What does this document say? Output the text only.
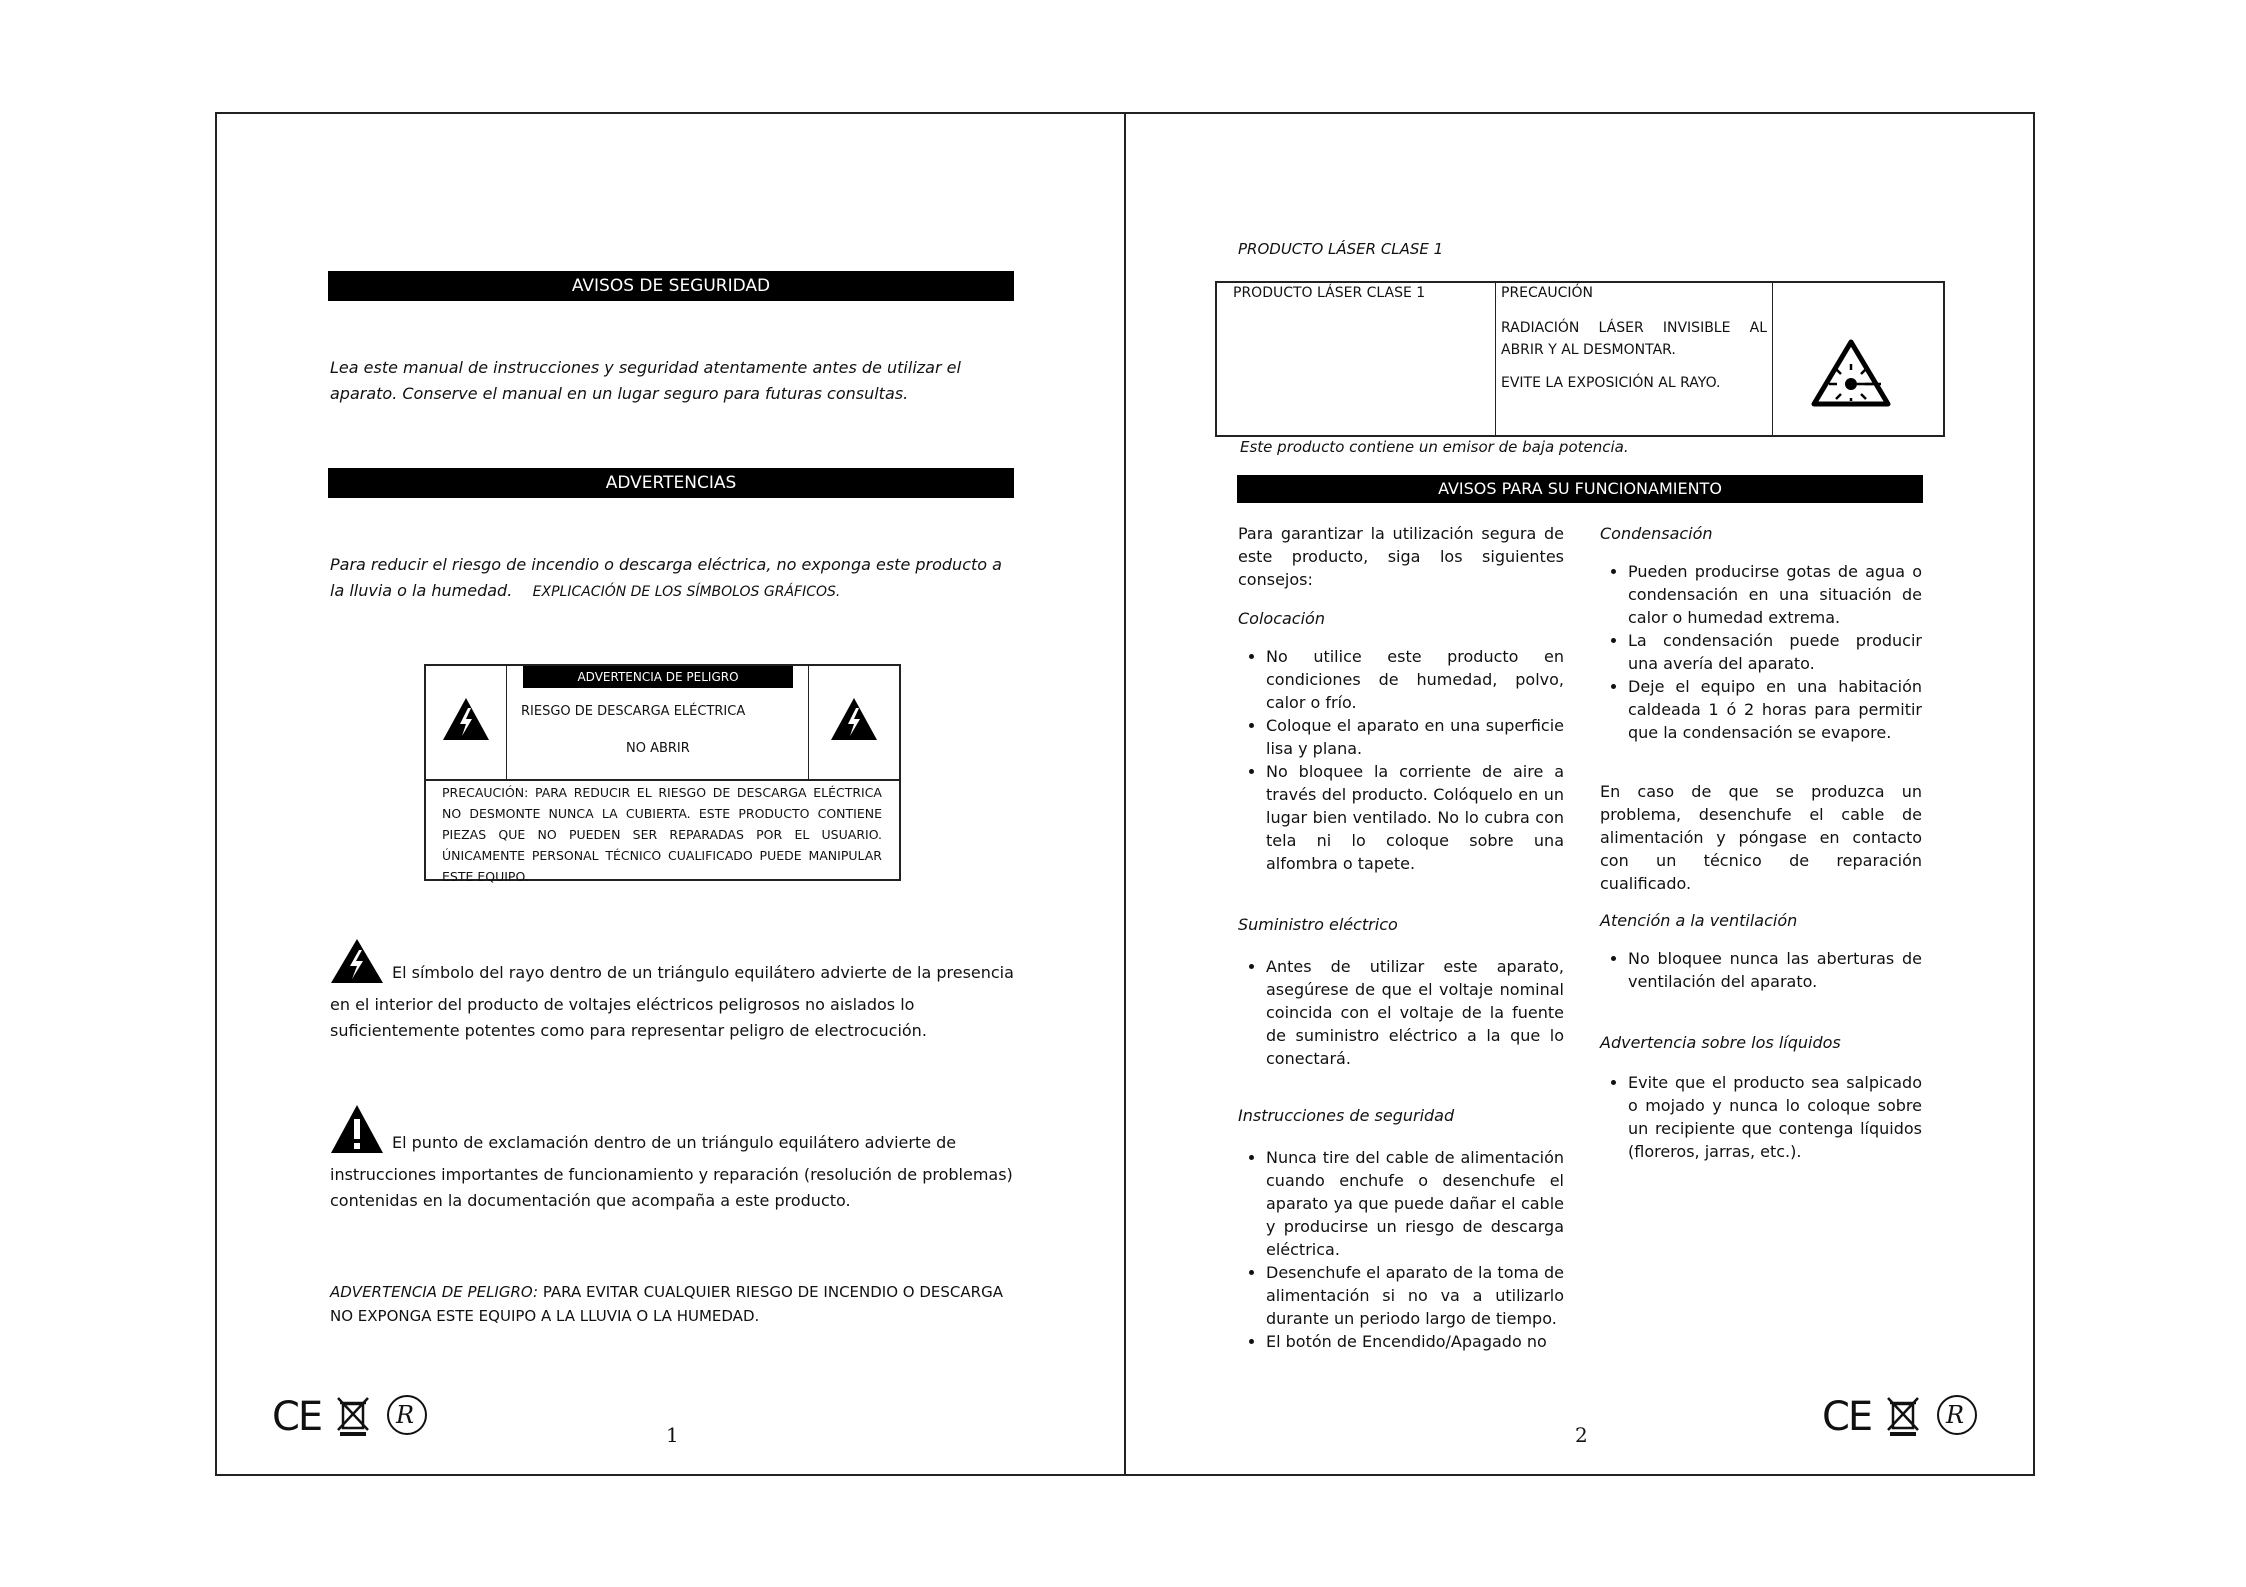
AVISOS DE SEGURIDAD
Lea este manual de instrucciones y seguridad atentamente antes de utilizar el aparato. Conserve el manual en un lugar seguro para futuras consultas.
ADVERTENCIAS
Para reducir el riesgo de incendio o descarga eléctrica, no exponga este producto a la lluvia o la humedad. EXPLICACIÓN DE LOS SÍMBOLOS GRÁFICOS.
ADVERTENCIA DE PELIGRO
RIESGO DE DESCARGA ELÉCTRICA
NO ABRIR
PRECAUCIÓN: PARA REDUCIR EL RIESGO DE DESCARGA ELÉCTRICA NO DESMONTE NUNCA LA CUBIERTA. ESTE PRODUCTO CONTIENE PIEZAS QUE NO PUEDEN SER REPARADAS POR EL USUARIO. ÚNICAMENTE PERSONAL TÉCNICO CUALIFICADO PUEDE MANIPULAR ESTE EQUIPO.
El símbolo del rayo dentro de un triángulo equilátero advierte de la presencia en el interior del producto de voltajes eléctricos peligrosos no aislados lo suficientemente potentes como para representar peligro de electrocución.
El punto de exclamación dentro de un triángulo equilátero advierte de instrucciones importantes de funcionamiento y reparación (resolución de problemas) contenidas en la documentación que acompaña a este producto.
ADVERTENCIA DE PELIGRO: PARA EVITAR CUALQUIER RIESGO DE INCENDIO O DESCARGA NO EXPONGA ESTE EQUIPO A LA LLUVIA O LA HUMEDAD.
CE	R
1
PRODUCTO LÁSER CLASE 1
PRODUCTO LÁSER CLASE 1	PRECAUCIÓN
RADIACIÓN LÁSER INVISIBLE AL ABRIR Y AL DESMONTAR.
EVITE LA EXPOSICIÓN AL RAYO.
Este producto contiene un emisor de baja potencia.
AVISOS PARA SU FUNCIONAMIENTO
Para garantizar la utilización segura de este producto, siga los siguientes consejos:
Colocación
• No utilice este producto en condiciones de humedad, polvo, calor o frío.
• Coloque el aparato en una superficie lisa y plana.
• No bloquee la corriente de aire a través del producto. Colóquelo en un lugar bien ventilado. No lo cubra con tela ni lo coloque sobre una alfombra o tapete.
Suministro eléctrico
• Antes de utilizar este aparato, asegúrese de que el voltaje nominal coincida con el voltaje de la fuente de suministro eléctrico a la que lo conectará.
Instrucciones de seguridad
• Nunca tire del cable de alimentación cuando enchufe o desenchufe el aparato ya que puede dañar el cable y producirse un riesgo de descarga eléctrica.
• Desenchufe el aparato de la toma de alimentación si no va a utilizarlo durante un periodo largo de tiempo.
• El botón de Encendido/Apagado no
Condensación
• Pueden producirse gotas de agua o condensación en una situación de calor o humedad extrema.
• La condensación puede producir una avería del aparato.
• Deje el equipo en una habitación caldeada 1 ó 2 horas para permitir que la condensación se evapore.
En caso de que se produzca un problema, desenchufe el cable de alimentación y póngase en contacto con un técnico de reparación cualificado.
Atención a la ventilación
• No bloquee nunca las aberturas de ventilación del aparato.
Advertencia sobre los líquidos
• Evite que el producto sea salpicado o mojado y nunca lo coloque sobre un recipiente que contenga líquidos (floreros, jarras, etc.).
2	CE	R
